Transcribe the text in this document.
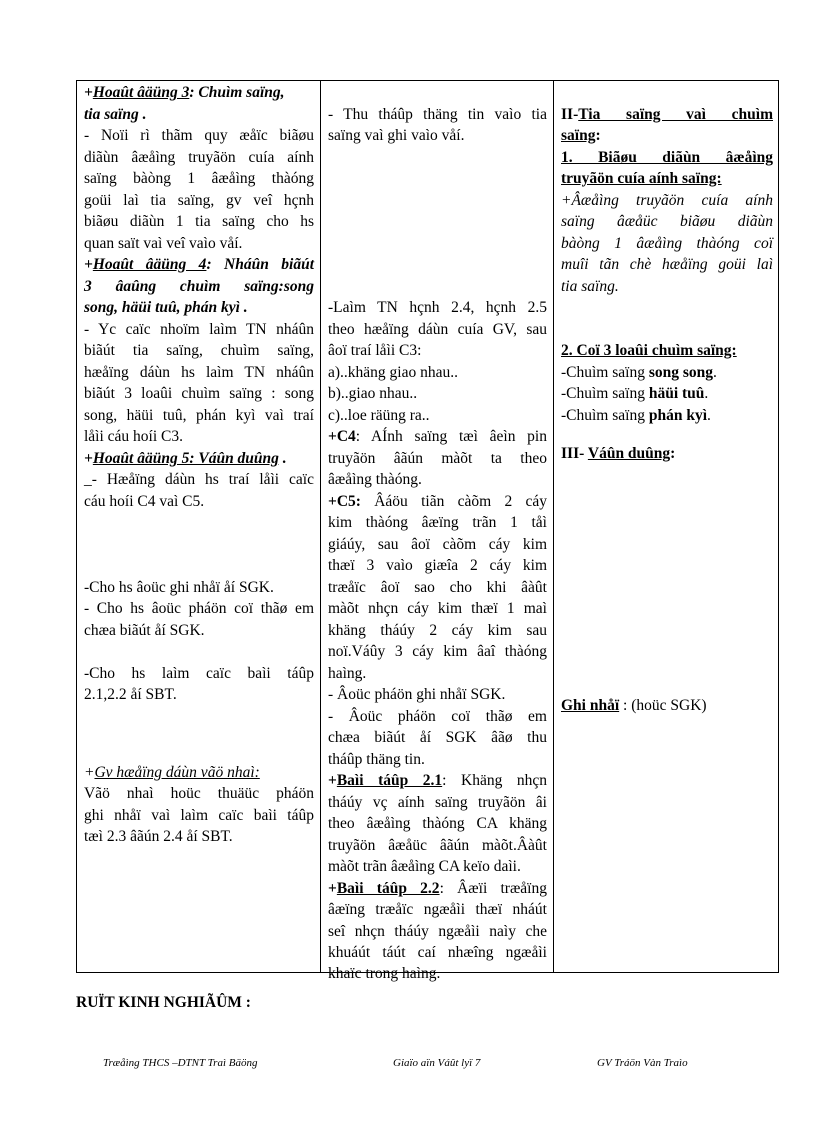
+Hoaût âäüng 3: Chuìm saïng,
tia saïng .
- Noïi rì thãm quy æåïc biãøu
diãùn âæåìng truyãön cuía aính
saïng bàòng 1 âæåìng thàóng
goüi laì tia saïng, gv veî hçnh
biãøu diãùn 1 tia saïng cho hs
quan saït vaì veî vaìo våí.
+Hoaût âäüng 4: Nháûn biãút
3 âaûng chuìm saïng:song
song, häüi tuû, phán kyì .
- Yc caïc nhoïm laìm TN nháûn
biãút tia saïng, chuìm saïng,
hæåïng dáùn hs laìm TN nháûn
biãút 3 loaûi chuìm saïng : song
song, häüi tuû, phán kyì vaì traí
låìi cáu hoíi C3.
+Hoaût âäüng 5: Váûn duûng .
_- Hæåïng dáùn hs traí låìi caïc
cáu hoíi C4 vaì C5.
-Cho hs âoüc ghi nhåï åí SGK.
- Cho hs âoüc pháön coï thãø em
chæa biãút åí SGK.
-Cho hs laìm caïc baìi táûp
2.1,2.2 åí SBT.
+Gv hæåïng dáùn vãö nhaì:
Vãö nhaì hoüc thuäüc pháön
ghi nhåï vaì laìm caïc baìi táûp
tæì 2.3 âãún 2.4 åí SBT.
- Thu tháûp thäng tin vaìo tia
saïng vaì ghi vaìo våí.
-Laìm TN hçnh 2.4, hçnh 2.5
theo hæåïng dáùn cuía GV, sau
âoï traí låìi C3:
a)..khäng giao nhau..
b)..giao nhau..
c)..loe räüng ra..
+C4: AÍnh saïng tæì âeìn pin
truyãön âãún màõt ta theo
âæåìng thàóng.
+C5: Âáöu tiãn càõm 2 cáy
kim thàóng âæïng trãn 1 tåì
giáúy, sau âoï càõm cáy kim
thæï 3 vaìo giæîa 2 cáy kim
træåïc âoï sao cho khi âàût
màõt nhçn cáy kim thæï 1 maì
khäng tháúy 2 cáy kim sau
noï.Váûy 3 cáy kim âaî thàóng
haìng.
- Âoüc pháön ghi nhåï SGK.
- Âoüc pháön coï thãø em
chæa biãút åí SGK âãø thu
tháûp thäng tin.
+Baìi táûp 2.1: Khäng nhçn
tháúy vç aính saïng truyãön âi
theo âæåìng thàóng CA khäng
truyãön âæåüc âãún màõt.Âàût
màõt trãn âæåìng CA keïo daìi.
+Baìi táûp 2.2: Âæïi træåïng
âæïng træåïc ngæåìi thæï nháút
seî nhçn tháúy ngæåìi naìy che
khuáút táút caí nhæîng ngæåìi
khaïc trong haìng.
II-Tia saïng vaì chuìm
saïng:
1. Biãøu diãùn âæåìng
truyãön cuía aính saïng:
+Âæåìng truyãön cuía aính
saïng âæåüc biãøu diãùn
bàòng 1 âæåìng thàóng coï
muîi tãn chè hæåïng goüi laì
tia saïng.
2. Coï 3 loaûi chuìm saïng:
-Chuìm saïng song song.
-Chuìm saïng häüi tuû.
-Chuìm saïng phán kyì.
III- Váûn duûng:
Ghi nhåï : (hoüc SGK)
RUÏT KINH NGHIÃÛM :
Træåìng THCS –DTNT Traì Bäöng	Giaïo aïn Váût lyï 7	GV Tráön Vàn Traìo
